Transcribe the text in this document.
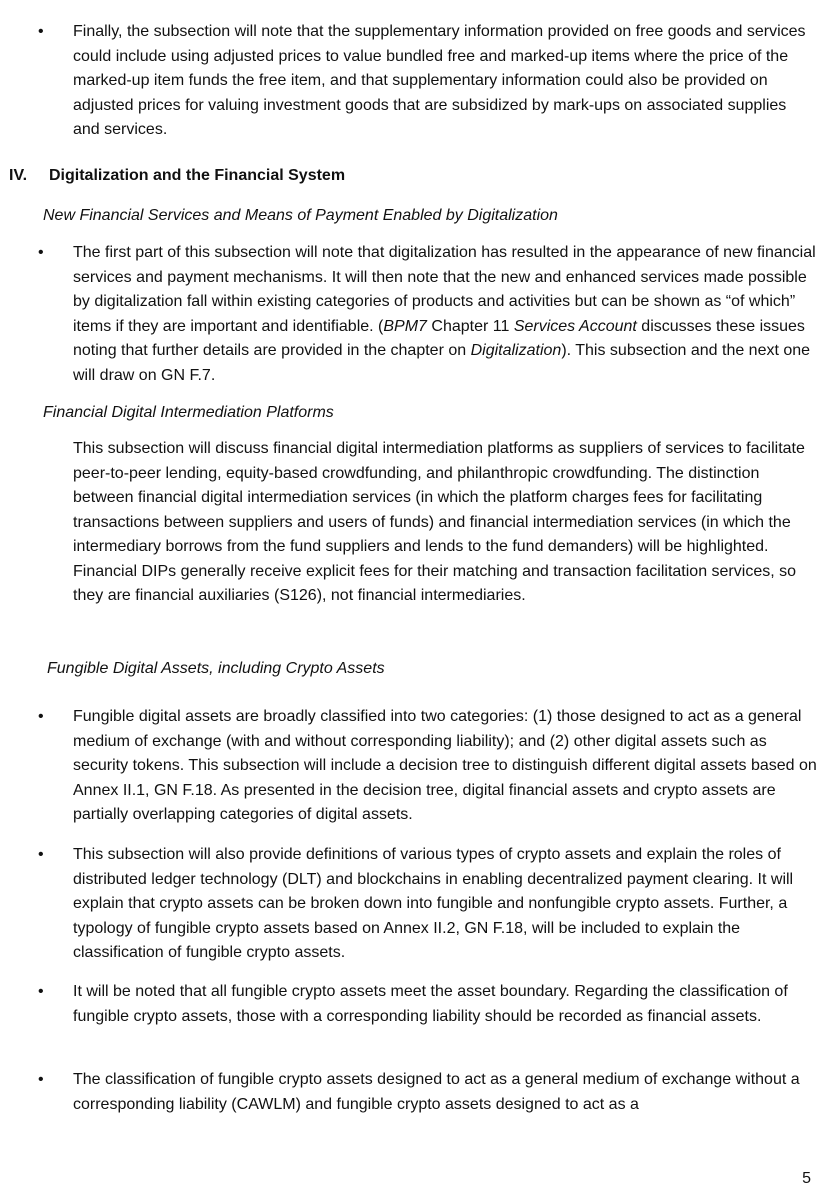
• Finally, the subsection will note that the supplementary information provided on free goods and services could include using adjusted prices to value bundled free and marked-up items where the price of the marked-up item funds the free item, and that supplementary information could also be provided on adjusted prices for valuing investment goods that are subsidized by mark-ups on associated supplies and services.
IV. Digitalization and the Financial System
New Financial Services and Means of Payment Enabled by Digitalization
• The first part of this subsection will note that digitalization has resulted in the appearance of new financial services and payment mechanisms. It will then note that the new and enhanced services made possible by digitalization fall within existing categories of products and activities but can be shown as “of which” items if they are important and identifiable. (BPM7 Chapter 11 Services Account discusses these issues noting that further details are provided in the chapter on Digitalization). This subsection and the next one will draw on GN F.7.
Financial Digital Intermediation Platforms
This subsection will discuss financial digital intermediation platforms as suppliers of services to facilitate peer-to-peer lending, equity-based crowdfunding, and philanthropic crowdfunding. The distinction between financial digital intermediation services (in which the platform charges fees for facilitating transactions between suppliers and users of funds) and financial intermediation services (in which the intermediary borrows from the fund suppliers and lends to the fund demanders) will be highlighted. Financial DIPs generally receive explicit fees for their matching and transaction facilitation services, so they are financial auxiliaries (S126), not financial intermediaries.
Fungible Digital Assets, including Crypto Assets
• Fungible digital assets are broadly classified into two categories: (1) those designed to act as a general medium of exchange (with and without corresponding liability); and (2) other digital assets such as security tokens. This subsection will include a decision tree to distinguish different digital assets based on Annex II.1, GN F.18. As presented in the decision tree, digital financial assets and crypto assets are partially overlapping categories of digital assets.
• This subsection will also provide definitions of various types of crypto assets and explain the roles of distributed ledger technology (DLT) and blockchains in enabling decentralized payment clearing. It will explain that crypto assets can be broken down into fungible and nonfungible crypto assets. Further, a typology of fungible crypto assets based on Annex II.2, GN F.18, will be included to explain the classification of fungible crypto assets.
• It will be noted that all fungible crypto assets meet the asset boundary. Regarding the classification of fungible crypto assets, those with a corresponding liability should be recorded as financial assets.
• The classification of fungible crypto assets designed to act as a general medium of exchange without a corresponding liability (CAWLM) and fungible crypto assets designed to act as a
5
